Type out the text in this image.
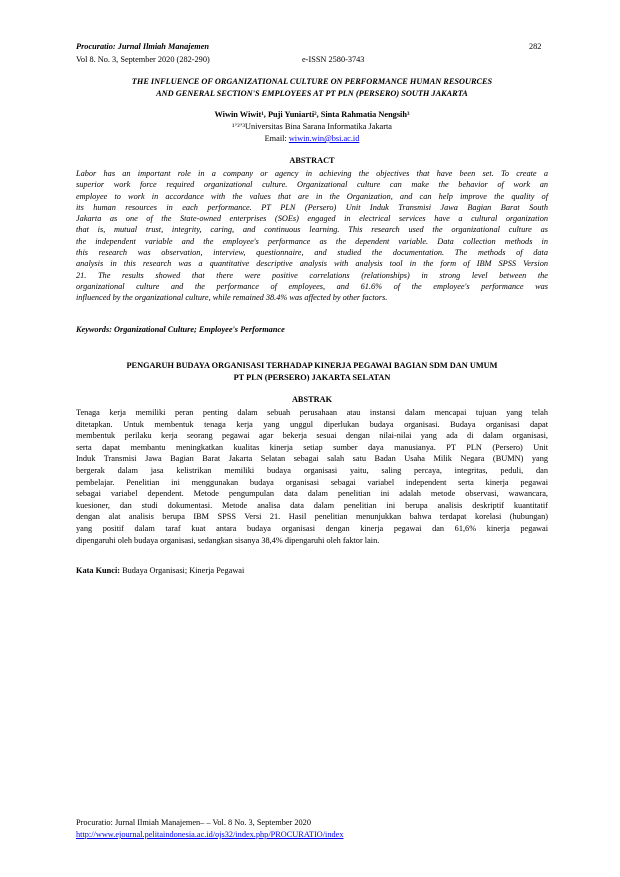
Procuratio: Jurnal Ilmiah Manajemen	282
Vol 8. No. 3, September 2020 (282-290)	e-ISSN 2580-3743
THE INFLUENCE OF ORGANIZATIONAL CULTURE ON PERFORMANCE HUMAN RESOURCES
AND GENERAL SECTION'S EMPLOYEES AT PT PLN (PERSERO) SOUTH JAKARTA
Wiwin Wiwit¹, Puji Yuniarti², Sinta Rahmatia Nengsih³
¹’²’³Universitas Bina Sarana Informatika Jakarta
Email: wiwin.win@bsi.ac.id
ABSTRACT
Labor has an important role in a company or agency in achieving the objectives that have been set. To create a
superior work force required organizational culture. Organizational culture can make the behavior of work an
employee to work in accordance with the values that are in the Organization, and can help improve the quality of
its human resources in each performance. PT PLN (Persero) Unit Induk Transmisi Jawa Bagian Barat South
Jakarta as one of the State-owned enterprises (SOEs) engaged in electrical services have a cultural organization
that is, mutual trust, integrity, caring, and continuous learning. This research used the organizational culture as
the independent variable and the employee's performance as the dependent variable. Data collection methods in
this research was observation, interview, questionnaire, and studied the documentation. The methods of data
analysis in this research was a quantitative descriptive analysis with analysis tool in the form of IBM SPSS Version
21. The results showed that there were positive correlations (relationships) in strong level between the
organizational culture and the performance of employees, and 61.6% of the employee's performance was
influenced by the organizational culture, while remained 38.4% was affected by other factors.
Keywords: Organizational Culture; Employee's Performance
PENGARUH BUDAYA ORGANISASI TERHADAP KINERJA PEGAWAI BAGIAN SDM DAN UMUM
PT PLN (PERSERO) JAKARTA SELATAN
ABSTRAK
Tenaga kerja memiliki peran penting dalam sebuah perusahaan atau instansi dalam mencapai tujuan yang telah
ditetapkan. Untuk membentuk tenaga kerja yang unggul diperlukan budaya organisasi. Budaya organisasi dapat
membentuk perilaku kerja seorang pegawai agar bekerja sesuai dengan nilai-nilai yang ada di dalam organisasi,
serta dapat membantu meningkatkan kualitas kinerja setiap sumber daya manusianya. PT PLN (Persero) Unit
Induk Transmisi Jawa Bagian Barat Jakarta Selatan sebagai salah satu Badan Usaha Milik Negara (BUMN) yang
bergerak dalam jasa kelistrikan memiliki budaya organisasi yaitu, saling percaya, integritas, peduli, dan
pembelajar. Penelitian ini menggunakan budaya organisasi sebagai variabel independent serta kinerja pegawai
sebagai variabel dependent. Metode pengumpulan data dalam penelitian ini adalah metode observasi, wawancara,
kuesioner, dan studi dokumentasi. Metode analisa data dalam penelitian ini berupa analisis deskriptif kuantitatif
dengan alat analisis berupa IBM SPSS Versi 21. Hasil penelitian menunjukkan bahwa terdapat korelasi (hubungan)
yang positif dalam taraf kuat antara budaya organisasi dengan kinerja pegawai dan 61,6% kinerja pegawai
dipengaruhi oleh budaya organisasi, sedangkan sisanya 38,4% dipengaruhi oleh faktor lain.
Kata Kunci: Budaya Organisasi; Kinerja Pegawai
Procuratio: Jurnal Ilmiah Manajemen– – Vol. 8 No. 3, September 2020
http://www.ejournal.pelitaindonesia.ac.id/ojs32/index.php/PROCURATIO/index
